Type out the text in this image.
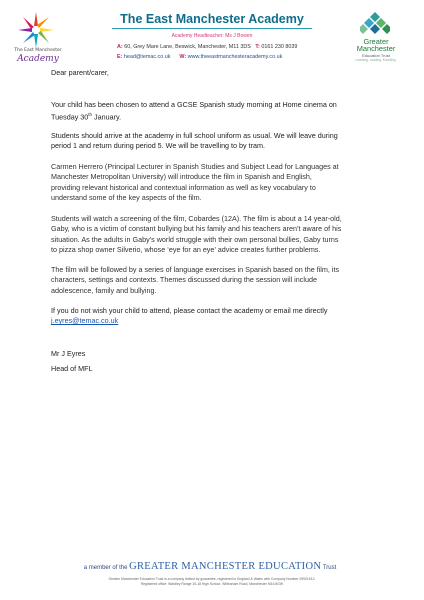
The East Manchester
Academy
The East Manchester Academy
Academy Headteacher: Ms J Bowen
A: 60, Grey Mare Lane, Beswick, Manchester, M11 3DS T: 0161 230 8039
E: head@temac.co.uk W: www.theeastmanchesteracademy.co.uk
Greater
Manchester
Education Trust
Learning. Leading. Excelling.
Dear parent/carer,
Your child has been chosen to attend a GCSE Spanish study morning at Home cinema on
Tuesday 30th January.
Students should arrive at the academy in full school uniform as usual. We will leave during
period 1 and return during period 5. We will be travelling to by tram.
Carmen Herrero (Principal Lecturer in Spanish Studies and Subject Lead for Languages at
Manchester Metropolitan University) will introduce the film in Spanish and English,
providing relevant historical and contextual information as well as key vocabulary to
understand some of the key aspects of the film.
Students will watch a screening of the film, Cobardes (12A). The film is about a 14 year-old,
Gaby, who is a victim of constant bullying but his family and his teachers aren’t aware of his
situation. As the adults in Gaby’s world struggle with their own personal bullies, Gaby turns
to pizza shop owner Silverio, whose ‘eye for an eye’ advice creates further problems.
The film will be followed by a series of language exercises in Spanish based on the film, its
characters, settings and contexts. Themes discussed during the session will include
adolescence, family and bullying.
If you do not wish your child to attend, please contact the academy or email me directly
j.eyres@temac.co.uk
Mr J Eyres
Head of MFL
a member of the GREATER MANCHESTER EDUCATION Trust
Greater Manchester Education Trust is a company limited by guarantee, registered in England & Wales with Company Number 09921912.
Registered office: Wardley Range 15-18 High School, Wilbraham Road, Manchester M16 8GW
